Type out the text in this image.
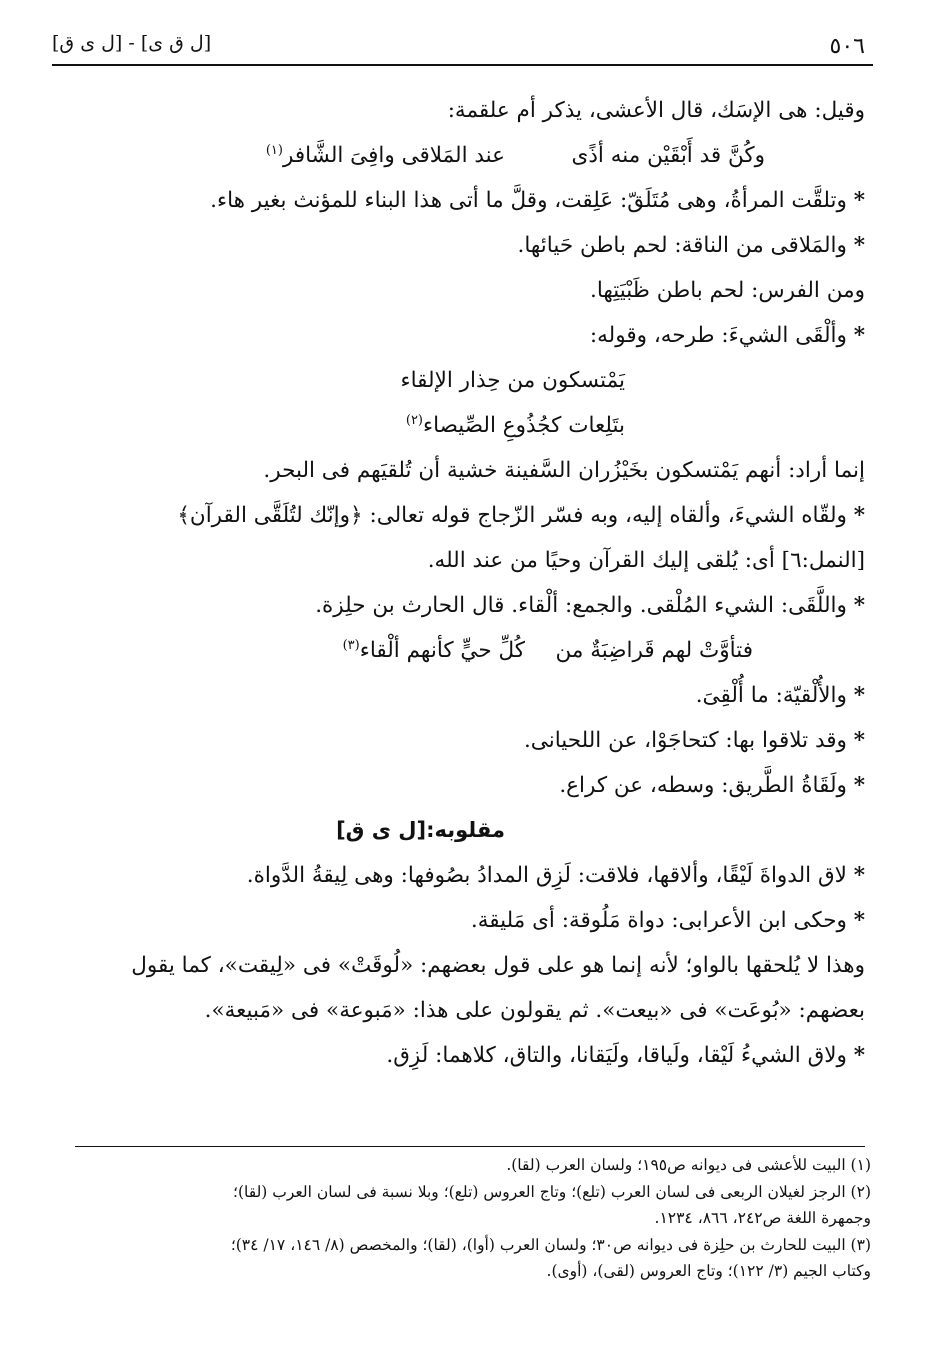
٥٠٦
[ل ق ى] - [ل ى ق]
وقيل: هى الإسَك، قال الأعشى، يذكر أم علقمة:
وكُنَّ قد أَبْقَيْن منه أذًى
عند المَلاقى وافِىَ الشَّافر$^{(١)}$
* وتلقَّت المرأةُ، وهى مُتَلَقّ: عَلِقت، وقلَّ ما أتى هذا البناء للمؤنث بغير هاء.
* والمَلاقى من الناقة: لحم باطن حَيائها.
ومن الفرس: لحم باطن ظَبْيَتِها.
* وألْقَى الشيءَ: طرحه، وقوله:
يَمْتسكون من حِذار الإلقاء
بتَلِعات كجُذُوعِ الصِّيصاء$^{(٢)}$
إنما أراد: أنهم يَمْتسكون بخَيْزُران السَّفينة خشية أن تُلقيَهم فى البحر.
* ولقّاه الشيءَ، وألقاه إليه، وبه فسّر الزّجاج قوله تعالى: ﴿وإنّك لتُلَقَّى القرآن﴾
[النمل:٦] أى: يُلقى إليك القرآن وحيًا من عند الله.
* واللَّقَى: الشيء المُلْقى. والجمع: ألْقاء. قال الحارث بن حلِزة.
فتأوَّتْ لهم قَراضِبَةٌ من
كُلِّ حيٍّ كأنهم ألْقاء$^{(٣)}$
* والأُلْقيّة: ما أُلْقِىَ.
* وقد تلاقوا بها: كتحاجَوْا، عن اللحيانى.
* ولَقَاةُ الطَّريق: وسطه، عن كراع.
مقلوبه:[ل ى ق]
* لاق الدواةَ لَيْقًا، وألاقها، فلاقت: لَزِق المدادُ بصُوفها: وهى لِيقةُ الدَّواة.
* وحكى ابن الأعرابى: دواة مَلُوقة: أى مَليقة.
وهذا لا يُلحقها بالواو؛ لأنه إنما هو على قول بعضهم: «لُوقَتْ» فى «لِيقت»، كما يقول
بعضهم: «بُوعَت» فى «بيعت». ثم يقولون على هذا: «مَبوعة» فى «مَبيعة».
* ولاق الشيءُ لَيْقا، ولَياقا، ولَيَقانا، والتاق، كلاهما: لَزِق.
(١) البيت للأعشى فى ديوانه ص١٩٥؛ ولسان العرب (لقا).
(٢) الرجز لغيلان الربعى فى لسان العرب (تلع)؛ وتاج العروس (تلع)؛ وبلا نسبة فى لسان العرب (لقا)؛
وجمهرة اللغة ص٢٤٢، ٨٦٦، ١٢٣٤.
(٣) البيت للحارث بن حلِزة فى ديوانه ص٣٠؛ ولسان العرب (أوا)، (لقا)؛ والمخصص (٨/ ١٤٦، ١٧/ ٣٤)؛
وكتاب الجيم (٣/ ١٢٢)؛ وتاج العروس (لقى)، (أوى).
